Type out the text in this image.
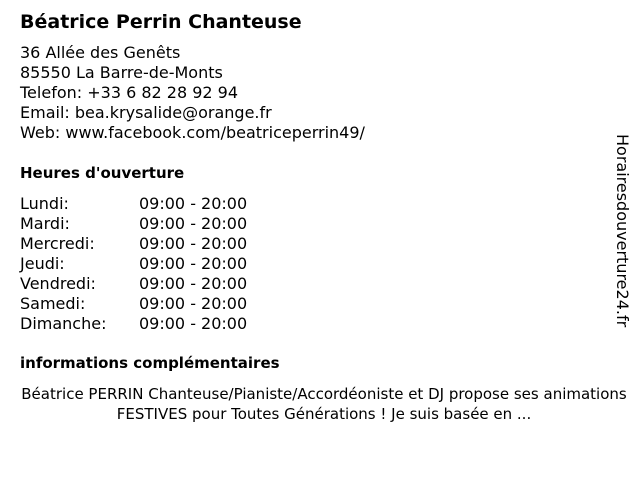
Béatrice Perrin Chanteuse
36 Allée des Genêts
85550 La Barre-de-Monts
Telefon: +33 6 82 28 92 94
Email: bea.krysalide@orange.fr
Web: www.facebook.com/beatriceperrin49/
Heures d'ouverture
Lundi:	09:00 - 20:00
Mardi:	09:00 - 20:00
Mercredi:	09:00 - 20:00
Jeudi:	09:00 - 20:00
Vendredi:	09:00 - 20:00
Samedi:	09:00 - 20:00
Dimanche: 09:00 - 20:00
informations complémentaires

Béatrice PERRIN Chanteuse/Pianiste/Accordéoniste et DJ propose ses animations FESTIVES pour Toutes Générations ! Je suis basée en ...

Horairesdouverture24.fr
